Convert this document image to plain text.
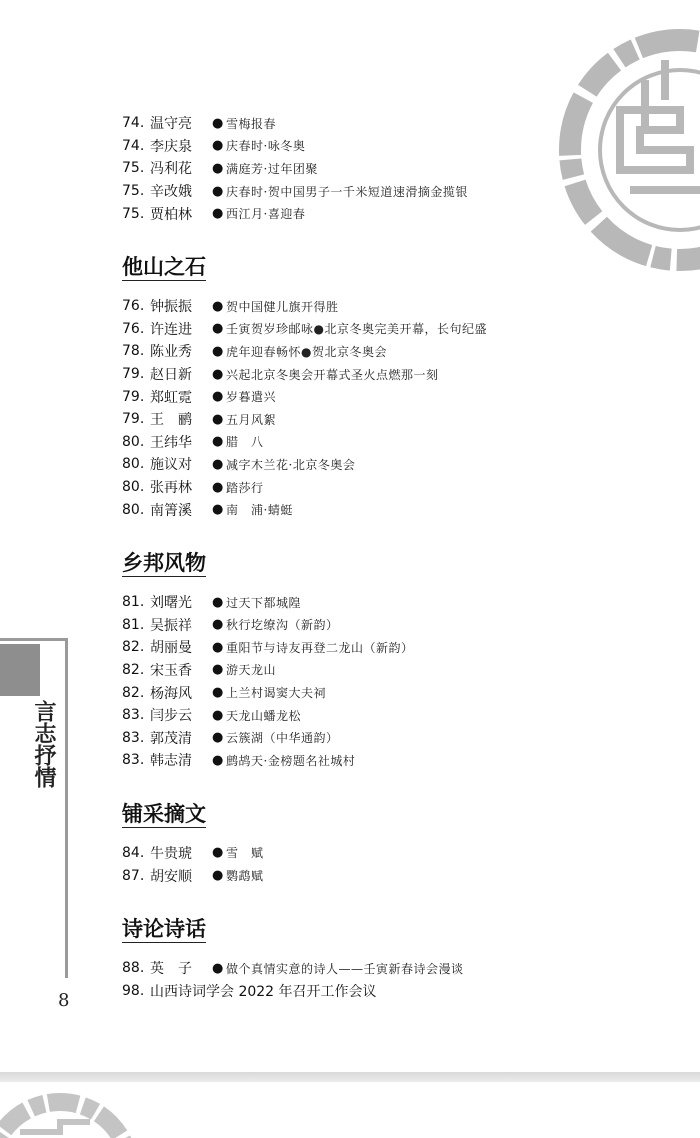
言志抒情
8
74. 温守亮	● 雪梅报春
74. 李庆泉	● 庆春时·咏冬奥
75. 冯利花	● 满庭芳·过年团聚
75. 辛改娥	● 庆春时·贺中国男子一千米短道速滑摘金揽银
75. 贾柏林	● 西江月·喜迎春
他山之石
76. 钟振振	● 贺中国健儿旗开得胜
76. 许连进	● 壬寅贺岁珍邮咏●北京冬奥完美开幕，长句纪盛
78. 陈业秀	● 虎年迎春畅怀●贺北京冬奥会
79. 赵日新	● 兴起北京冬奥会开幕式圣火点燃那一刻
79. 郑虹霓	● 岁暮遣兴
79. 王　鹂	● 五月风絮
80. 王纬华	● 腊　八
80. 施议对	● 减字木兰花·北京冬奥会
80. 张再林	● 踏莎行
80. 南箐溪	● 南　浦·蜻蜓
乡邦风物
81. 刘曙光	● 过天下都城隍
81. 吴振祥	● 秋行圪缭沟（新韵）
82. 胡丽曼	● 重阳节与诗友再登二龙山（新韵）
82. 宋玉香	● 游天龙山
82. 杨海风	● 上兰村谒窦大夫祠
83. 闫步云	● 天龙山蟠龙松
83. 郭茂清	● 云簇湖（中华通韵）
83. 韩志清	● 鹧鸪天·金榜题名社城村
铺采摘文
84. 牛贵琥	● 雪　赋
87. 胡安顺	● 鹦鹉赋
诗论诗话
88. 英　子	● 做个真情实意的诗人——壬寅新春诗会漫谈
98. 山西诗词学会 2022 年召开工作会议
